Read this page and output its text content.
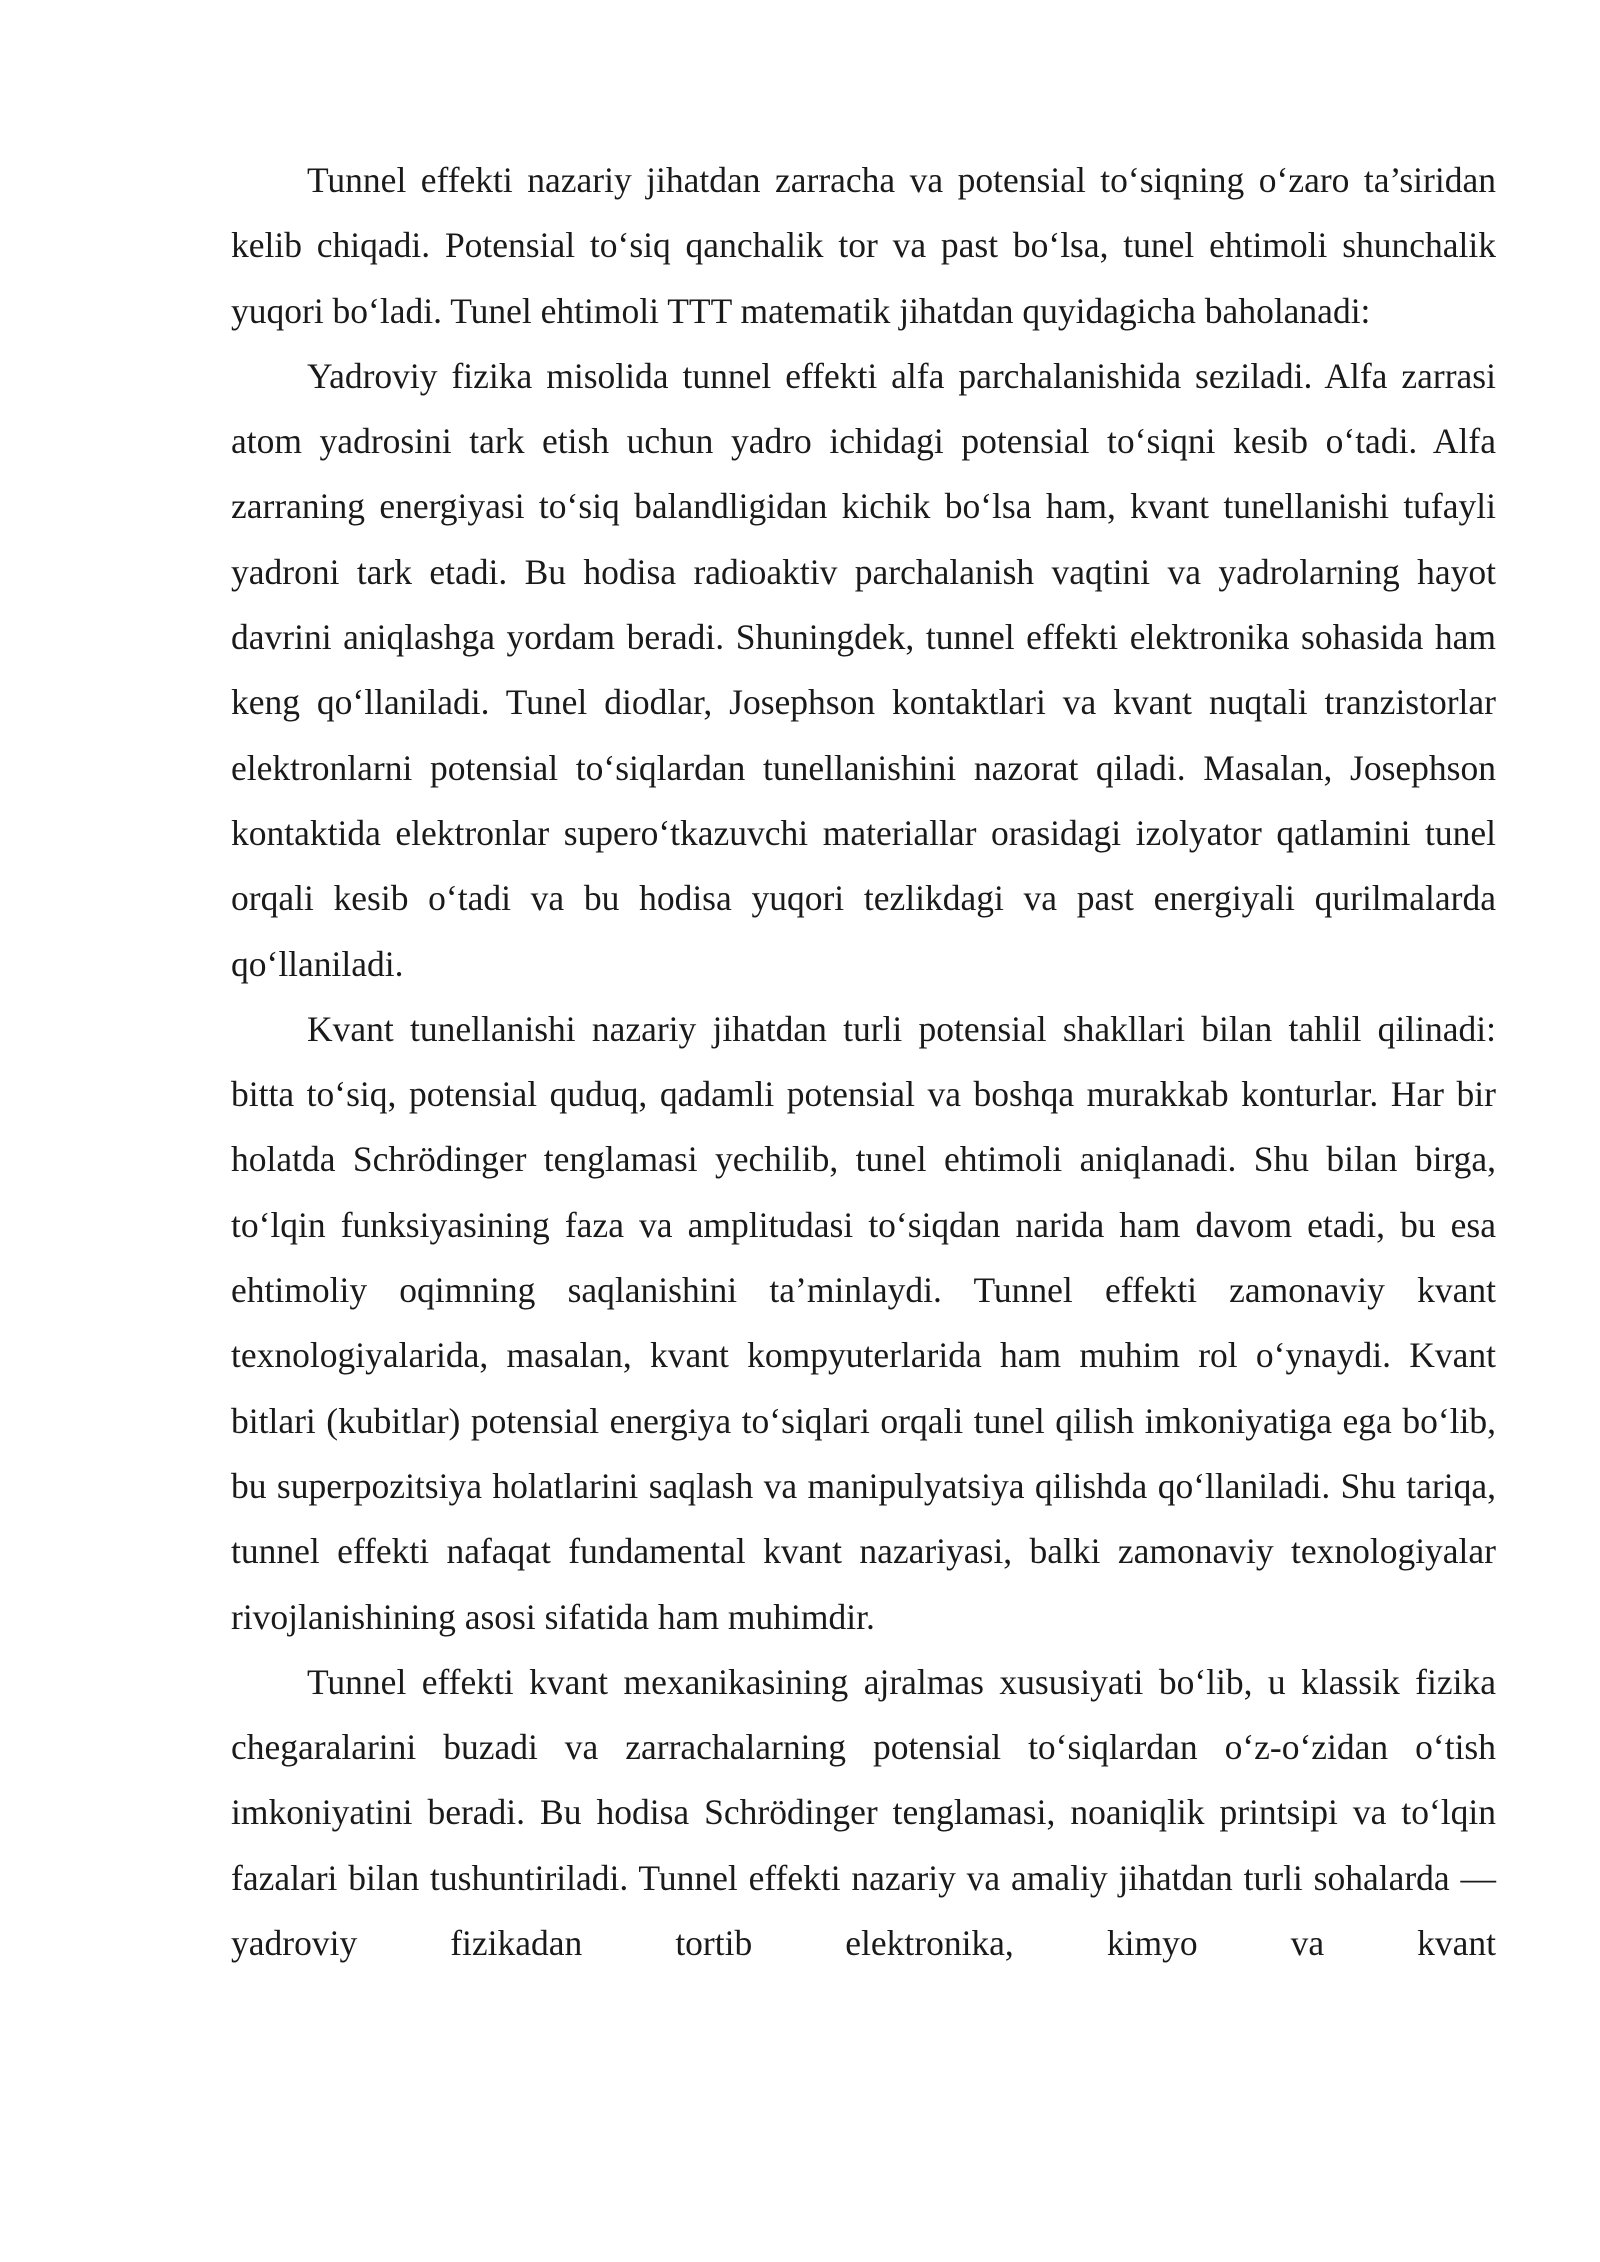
Tunnel effekti nazariy jihatdan zarracha va potensial to‘siqning o‘zaro ta’siridan kelib chiqadi. Potensial to‘siq qanchalik tor va past bo‘lsa, tunel ehtimoli shunchalik yuqori bo‘ladi. Tunel ehtimoli TTT matematik jihatdan quyidagicha baholanadi:

Yadroviy fizika misolida tunnel effekti alfa parchalanishida seziladi. Alfa zarrasi atom yadrosini tark etish uchun yadro ichidagi potensial to‘siqni kesib o‘tadi. Alfa zarraning energiyasi to‘siq balandligidan kichik bo‘lsa ham, kvant tunellanishi tufayli yadroni tark etadi. Bu hodisa radioaktiv parchalanish vaqtini va yadrolarning hayot davrini aniqlashga yordam beradi. Shuningdek, tunnel effekti elektronika sohasida ham keng qo‘llaniladi. Tunel diodlar, Josephson kontaktlari va kvant nuqtali tranzistorlar elektronlarni potensial to‘siqlardan tunellanishini nazorat qiladi. Masalan, Josephson kontaktida elektronlar supero‘tkazuvchi materiallar orasidagi izolyator qatlamini tunel orqali kesib o‘tadi va bu hodisa yuqori tezlikdagi va past energiyali qurilmalarda qo‘llaniladi.

Kvant tunellanishi nazariy jihatdan turli potensial shakllari bilan tahlil qilinadi: bitta to‘siq, potensial quduq, qadamli potensial va boshqa murakkab konturlar. Har bir holatda Schrödinger tenglamasi yechilib, tunel ehtimoli aniqlanadi. Shu bilan birga, to‘lqin funksiyasining faza va amplitudasi to‘siqdan narida ham davom etadi, bu esa ehtimoliy oqimning saqlanishini ta’minlaydi. Tunnel effekti zamonaviy kvant texnologiyalarida, masalan, kvant kompyuterlarida ham muhim rol o‘ynaydi. Kvant bitlari (kubitlar) potensial energiya to‘siqlari orqali tunel qilish imkoniyatiga ega bo‘lib, bu superpozitsiya holatlarini saqlash va manipulyatsiya qilishda qo‘llaniladi. Shu tariqa, tunnel effekti nafaqat fundamental kvant nazariyasi, balki zamonaviy texnologiyalar rivojlanishining asosi sifatida ham muhimdir.

Tunnel effekti kvant mexanikasining ajralmas xususiyati bo‘lib, u klassik fizika chegaralarini buzadi va zarrachalarning potensial to‘siqlardan o‘z-o‘zidan o‘tish imkoniyatini beradi. Bu hodisa Schrödinger tenglamasi, noaniqlik printsipi va to‘lqin fazalari bilan tushuntiriladi. Tunnel effekti nazariy va amaliy jihatdan turli sohalarda — yadroviy fizikadan tortib elektronika, kimyo va kvant
